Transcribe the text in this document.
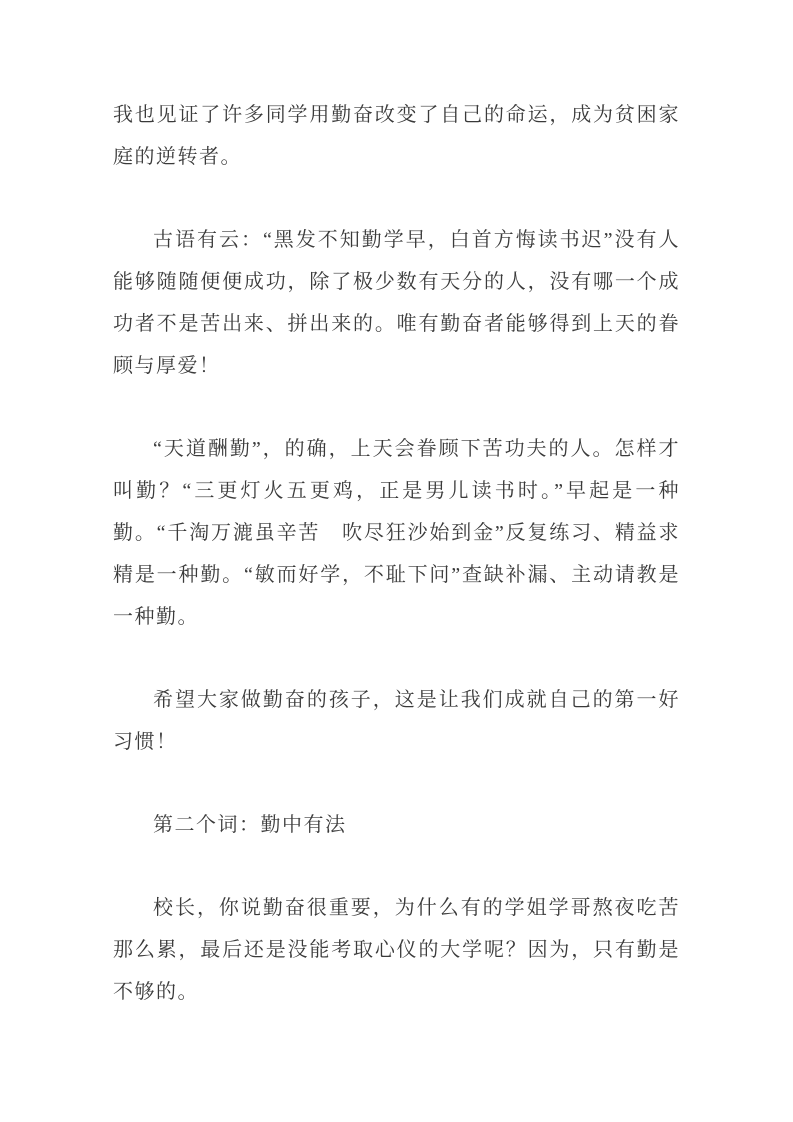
我也见证了许多同学用勤奋改变了自己的命运，成为贫困家庭的逆转者。

古语有云：“黑发不知勤学早，白首方悔读书迟”没有人能够随随便便成功，除了极少数有天分的人，没有哪一个成功者不是苦出来、拼出来的。唯有勤奋者能够得到上天的眷顾与厚爱！

“天道酬勤”，的确，上天会眷顾下苦功夫的人。怎样才叫勤？“三更灯火五更鸡，正是男儿读书时。”早起是一种勤。“千淘万漉虽辛苦　吹尽狂沙始到金”反复练习、精益求精是一种勤。“敏而好学，不耻下问”查缺补漏、主动请教是一种勤。

希望大家做勤奋的孩子，这是让我们成就自己的第一好习惯！

第二个词：勤中有法

校长，你说勤奋很重要，为什么有的学姐学哥熬夜吃苦那么累，最后还是没能考取心仪的大学呢？因为，只有勤是不够的。
